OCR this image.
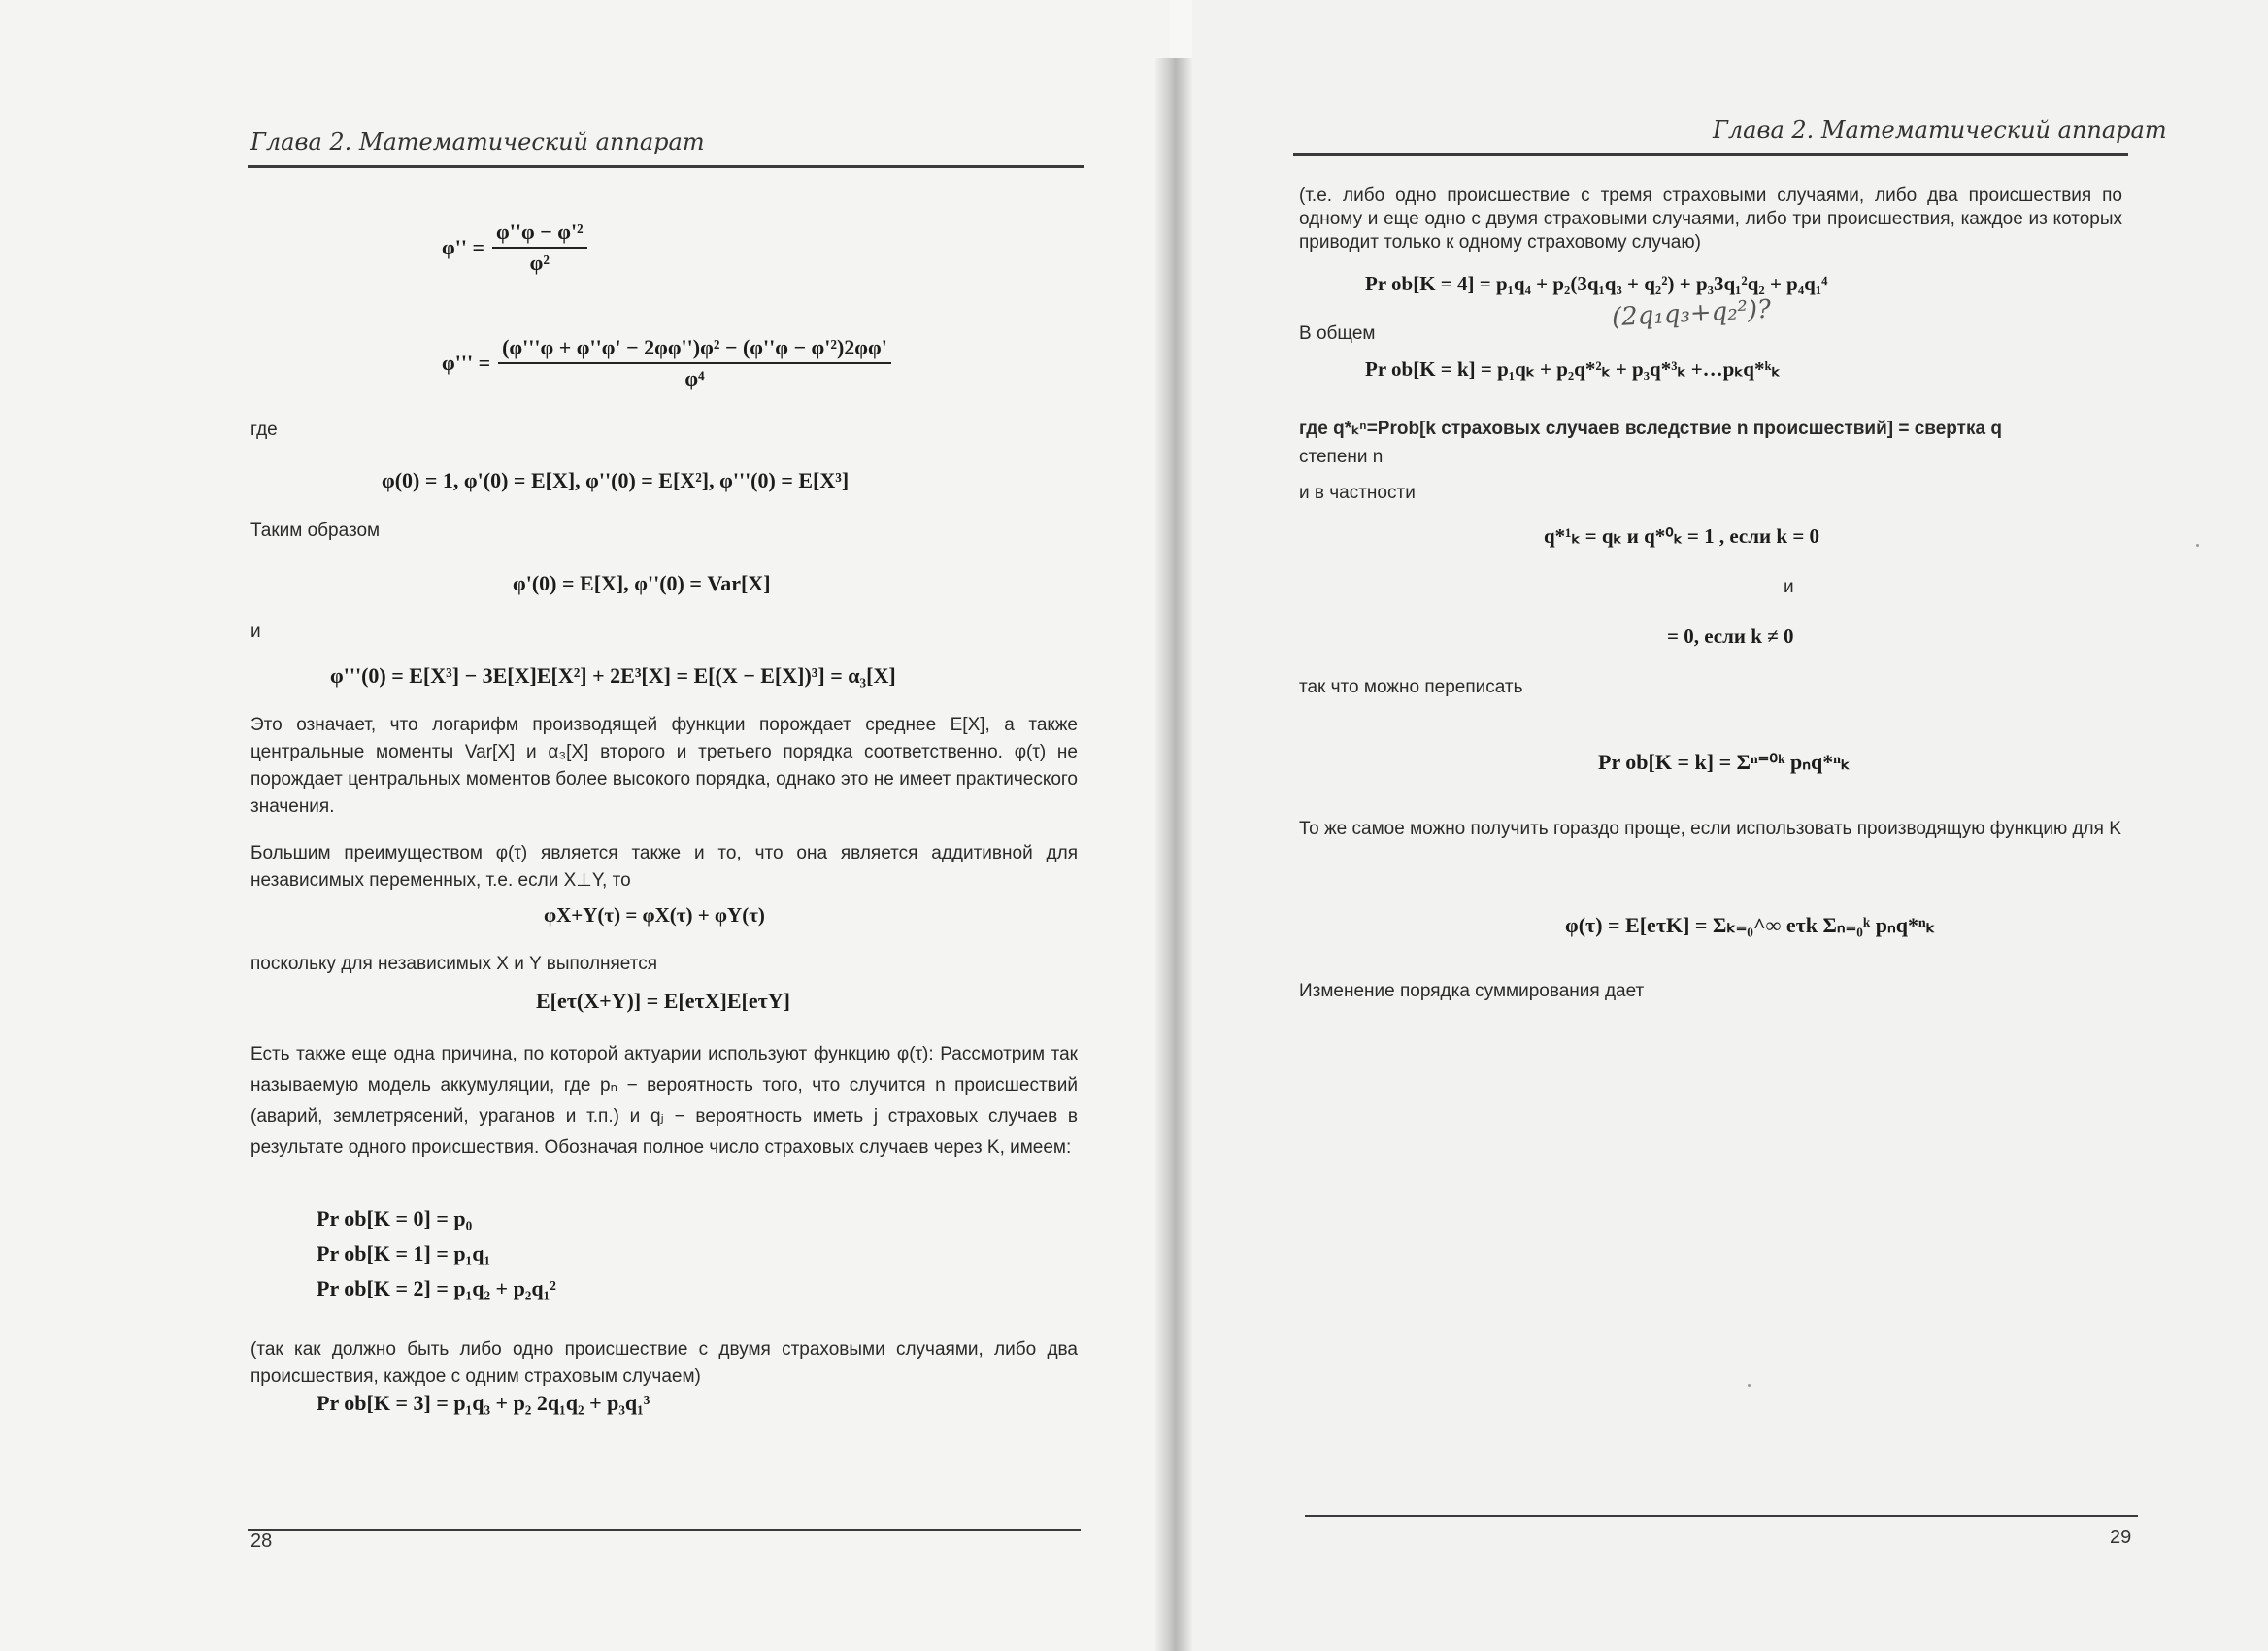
Глава 2. Математический аппарат
$\varphi'' = \frac{\text{φ''φ − φ'²}}{\text{φ²}}$
$\varphi''' = \frac{\text{(φ'''φ + φ''φ' − 2φφ'')φ² − (φ''φ − φ'²)2φφ'}}{\text{φ⁴}}$
где
φ(0) = 1, φ'(0) = E[X], φ''(0) = E[X²], φ'''(0) = E[X³]
Таким образом
φ'(0) = E[X], φ''(0) = Var[X]
и
φ'''(0) = E[X³] − 3E[X]E[X²] + 2E³[X] = E[(X − E[X])³] = α₃[X]
Это означает, что логарифм производящей функции порождает среднее E[X], а также центральные моменты Var[X] и α₃[X] второго и третьего порядка соответственно. φ(τ) не порождает центральных моментов более высокого порядка, однако это не имеет практического значения.
Большим преимуществом φ(τ) является также и то, что она является аддитивной для независимых переменных, т.е. если X⊥Y, то
φX+Y(τ) = φX(τ) + φY(τ)
поскольку для независимых X и Y выполняется
E[eτ(X+Y)] = E[eτX]E[eτY]
Есть также еще одна причина, по которой актуарии используют функцию φ(τ): Рассмотрим так называемую модель аккумуляции, где pₙ − вероятность того, что случится n происшествий (аварий, землетрясений, ураганов и т.п.) и qⱼ − вероятность иметь j страховых случаев в результате одного происшествия. Обозначая полное число страховых случаев через K, имеем:
Pr ob[K = 0] = p₀
Pr ob[K = 1] = p₁q₁
Pr ob[K = 2] = p₁q₂ + p₂q₁²
(так как должно быть либо одно происшествие с двумя страховыми случаями, либо два происшествия, каждое с одним страховым случаем)
Pr ob[K = 3] = p₁q₃ + p₂ 2q₁q₂ + p₃q₁³
28
Глава 2. Математический аппарат
(т.е. либо одно происшествие с тремя страховыми случаями, либо два происшествия по одному и еще одно с двумя страховыми случаями, либо три происшествия, каждое из которых приводит только к одному страховому случаю)
Pr ob[K = 4] = p₁q₄ + p₂(3q₁q₃ + q₂²) + p₃3q₁²q₂ + p₄q₁⁴
(2q₁q₃+q₂²)?
В общем
Pr ob[K = k] = p₁qₖ + p₂q*²ₖ + p₃q*³ₖ +…pₖq*ᵏₖ
где q*ₖⁿ=Prob[k страховых случаев вследствие n происшествий] = свертка q
степени n
и в частности
q*¹ₖ = qₖ и q*⁰ₖ = 1 , если k = 0
и
= 0, если k ≠ 0
так что можно переписать
Pr ob[K = k] = Σⁿ⁼⁰ᵏ pₙq*ⁿₖ
То же самое можно получить гораздо проще, если использовать производящую функцию для K
φ(τ) = E[eτK] = Σₖ₌₀^∞ eτk Σₙ₌₀ᵏ pₙq*ⁿₖ
Изменение порядка суммирования дает
29
